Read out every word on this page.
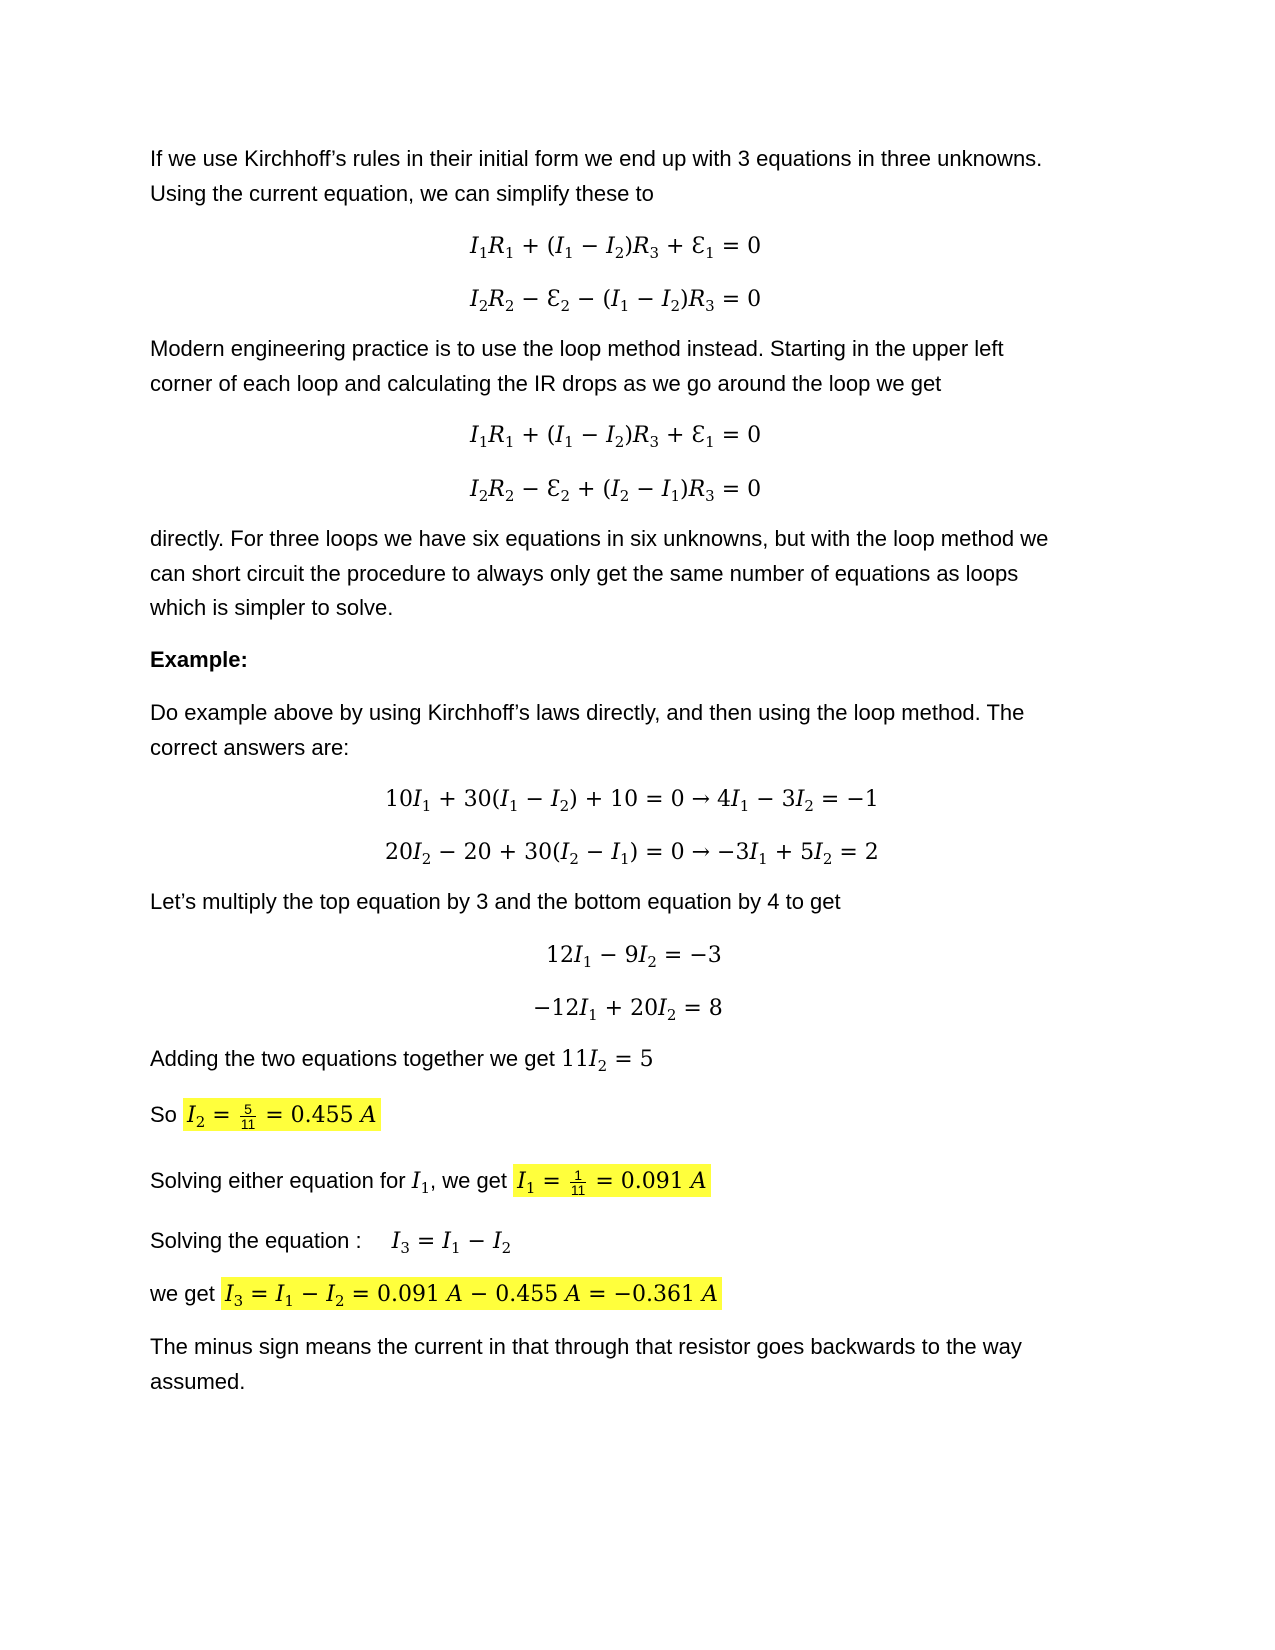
If we use Kirchhoff’s rules in their initial form we end up with 3 equations in three unknowns.
Using the current equation, we can simplify these to
$I_1R_1 + (I_1 - I_2)R_3$ + $Ɛ_1 = 0$
$I_2R_2$ − $Ɛ_2 - (I_1 - I_2)R_3 = 0$
Modern engineering practice is to use the loop method instead. Starting in the upper left
corner of each loop and calculating the IR drops as we go around the loop we get
$I_1R_1 + (I_1 - I_2)R_3$ + $Ɛ_1 = 0$
$I_2R_2$ − $Ɛ_2 + (I_2 - I_1)R_3 = 0$
directly. For three loops we have six equations in six unknowns, but with the loop method we
can short circuit the procedure to always only get the same number of equations as loops
which is simpler to solve.
Example:
Do example above by using Kirchhoff’s laws directly, and then using the loop method. The
correct answers are:
$10I_1 + 30(I_1 - I_2) + 10 = 0 \to 4I_1 - 3I_2 = -1$
$20I_2 - 20 + 30(I_2 - I_1) = 0 \to -3I_1 + 5I_2 = 2$
Let’s multiply the top equation by 3 and the bottom equation by 4 to get
$12I_1 - 9I_2 = -3$
$-12I_1 + 20I_2 = 8$
Adding the two equations together we get $11I_2 = 5$
So $I_2 = \frac{5}{11} = 0.455$ A
Solving either equation for $I_1$, we get $I_1 = \frac{1}{11} = 0.091$ A
Solving the equation : $I_3 = I_1 - I_2$
we get $I_3 = I_1 - I_2 = 0.091$ A − 0.455 A = −0.361 A
The minus sign means the current in that through that resistor goes backwards to the way
assumed.
